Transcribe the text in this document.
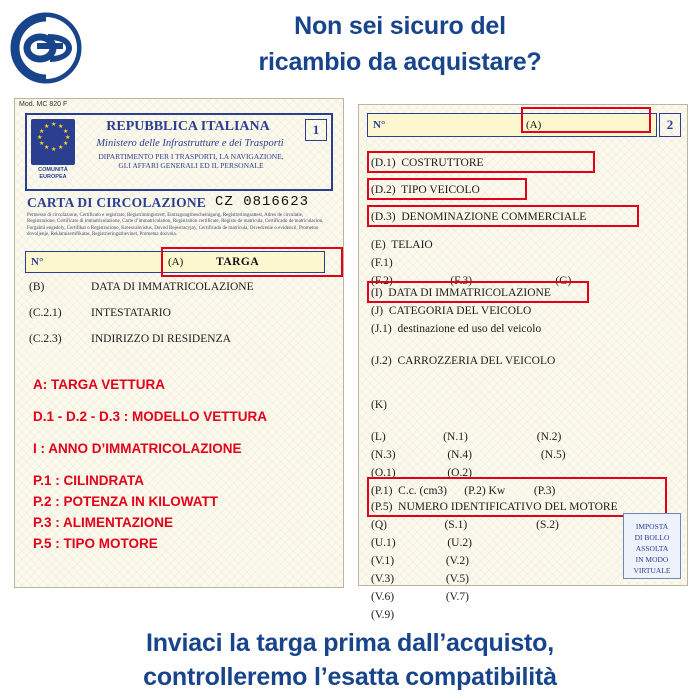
Non sei sicuro del
ricambio da acquistare?
Mod. MC 820 F
★ ★
★
★
★
★
★
★
★
★
★
★
COMUNITÀ
EUROPEA
REPUBBLICA ITALIANA
Ministero delle Infrastrutture e dei Trasporti
DIPARTIMENTO PER I TRASPORTI, LA NAVIGAZIONE,
GLI AFFARI GENERALI ED IL PERSONALE
1
CARTA DI CIRCOLAZIONE CZ 0816623
Permesso di circolazione, Certificato e registrato, Registrimingistrert, Eintragungsbescheinigung, Registrerinsgsattest, Adres de circulatie, Registrazione, Certificato di immatricolazione, Carte d’immatriculation, Registration certificate, Registo de matricula, Certificado de matriculacion, Forgalmi engedely, Certifikat o Registraciono, Kreesvahvistus, Dovod Rejestracyjny, Certificado de matricula, Osvedcenie o evidencii, Prometno dovoljenje, Reklamisertifikatas, Registrieringszbevinet, Prometna dozvola.
N°	(A)	TARGA
(B)	DATA DI IMMATRICOLAZIONE
(C.2.1)	INTESTATARIO
(C.2.3)	INDIRIZZO DI RESIDENZA
A: TARGA VETTURA
D.1 - D.2 - D.3 : MODELLO VETTURA
I : ANNO D’IMMATRICOLAZIONE
P.1 : CILINDRATA
P.2 : POTENZA IN KILOWATT
P.3 : ALIMENTAZIONE
P.5 : TIPO MOTORE
N°	(A)	2
(D.1)  COSTRUTTORE
(D.2)  TIPO VEICOLO
(D.3)  DENOMINAZIONE COMMERCIALE
(E)  TELAIO
(F.1)
(F.2)                    (F.3)                             (G)
(I)  DATA DI IMMATRICOLAZIONE
(J)  CATEGORIA DEL VEICOLO
(J.1)  destinazione ed uso del veicolo
(J.2)  CARROZZERIA DEL VEICOLO
(K)
(L)                    (N.1)                        (N.2)
(N.3)                  (N.4)                        (N.5)
(O.1)                  (O.2)
(P.1)  C.c. (cm3)      (P.2) Kw          (P.3)
(P.5)  NUMERO IDENTIFICATIVO DEL MOTORE
(Q)                    (S.1)                        (S.2)
(U.1)                  (U.2)
(V.1)                  (V.2)
(V.3)                  (V.5)
(V.6)                  (V.7)
(V.9)
IMPOSTA
DI BOLLO
ASSOLTA
IN MODO
VIRTUALE
Inviaci la targa prima dall’acquisto,
controlleremo l’esatta compatibilità
